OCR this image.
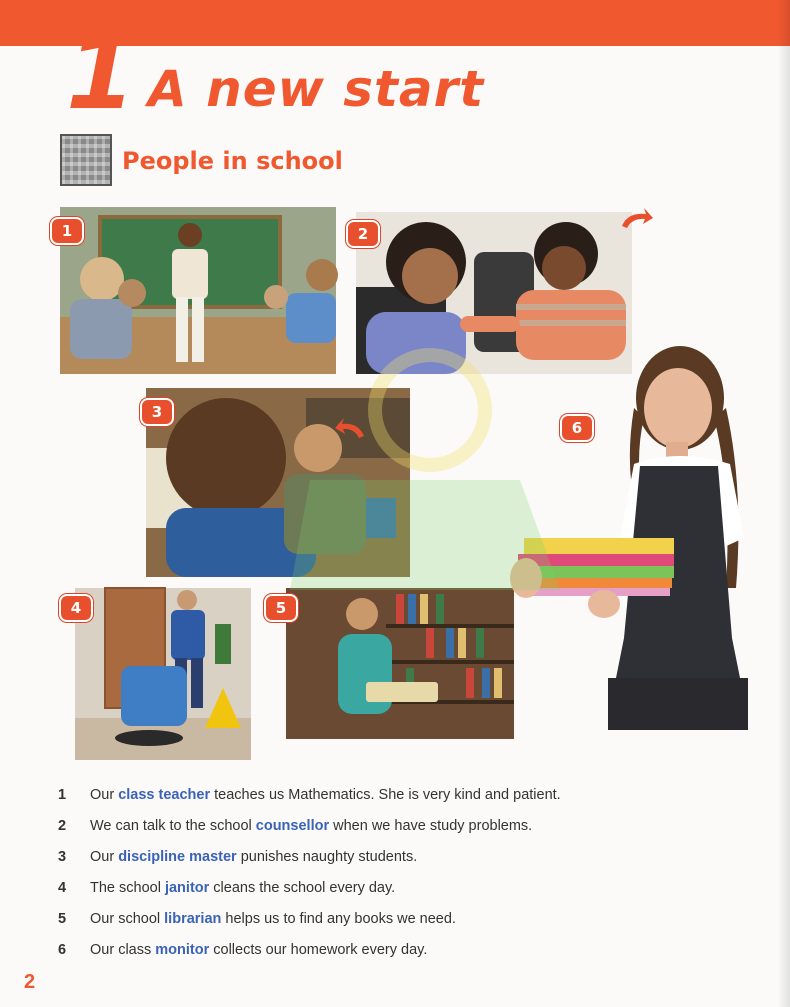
1 A new start
People in school
1	2
3
4	5
6
1 Our class teacher teaches us Mathematics. She is very kind and patient.
2 We can talk to the school counsellor when we have study problems.
3 Our discipline master punishes naughty students.
4 The school janitor cleans the school every day.
5 Our school librarian helps us to find any books we need.
6 Our class monitor collects our homework every day.
2
